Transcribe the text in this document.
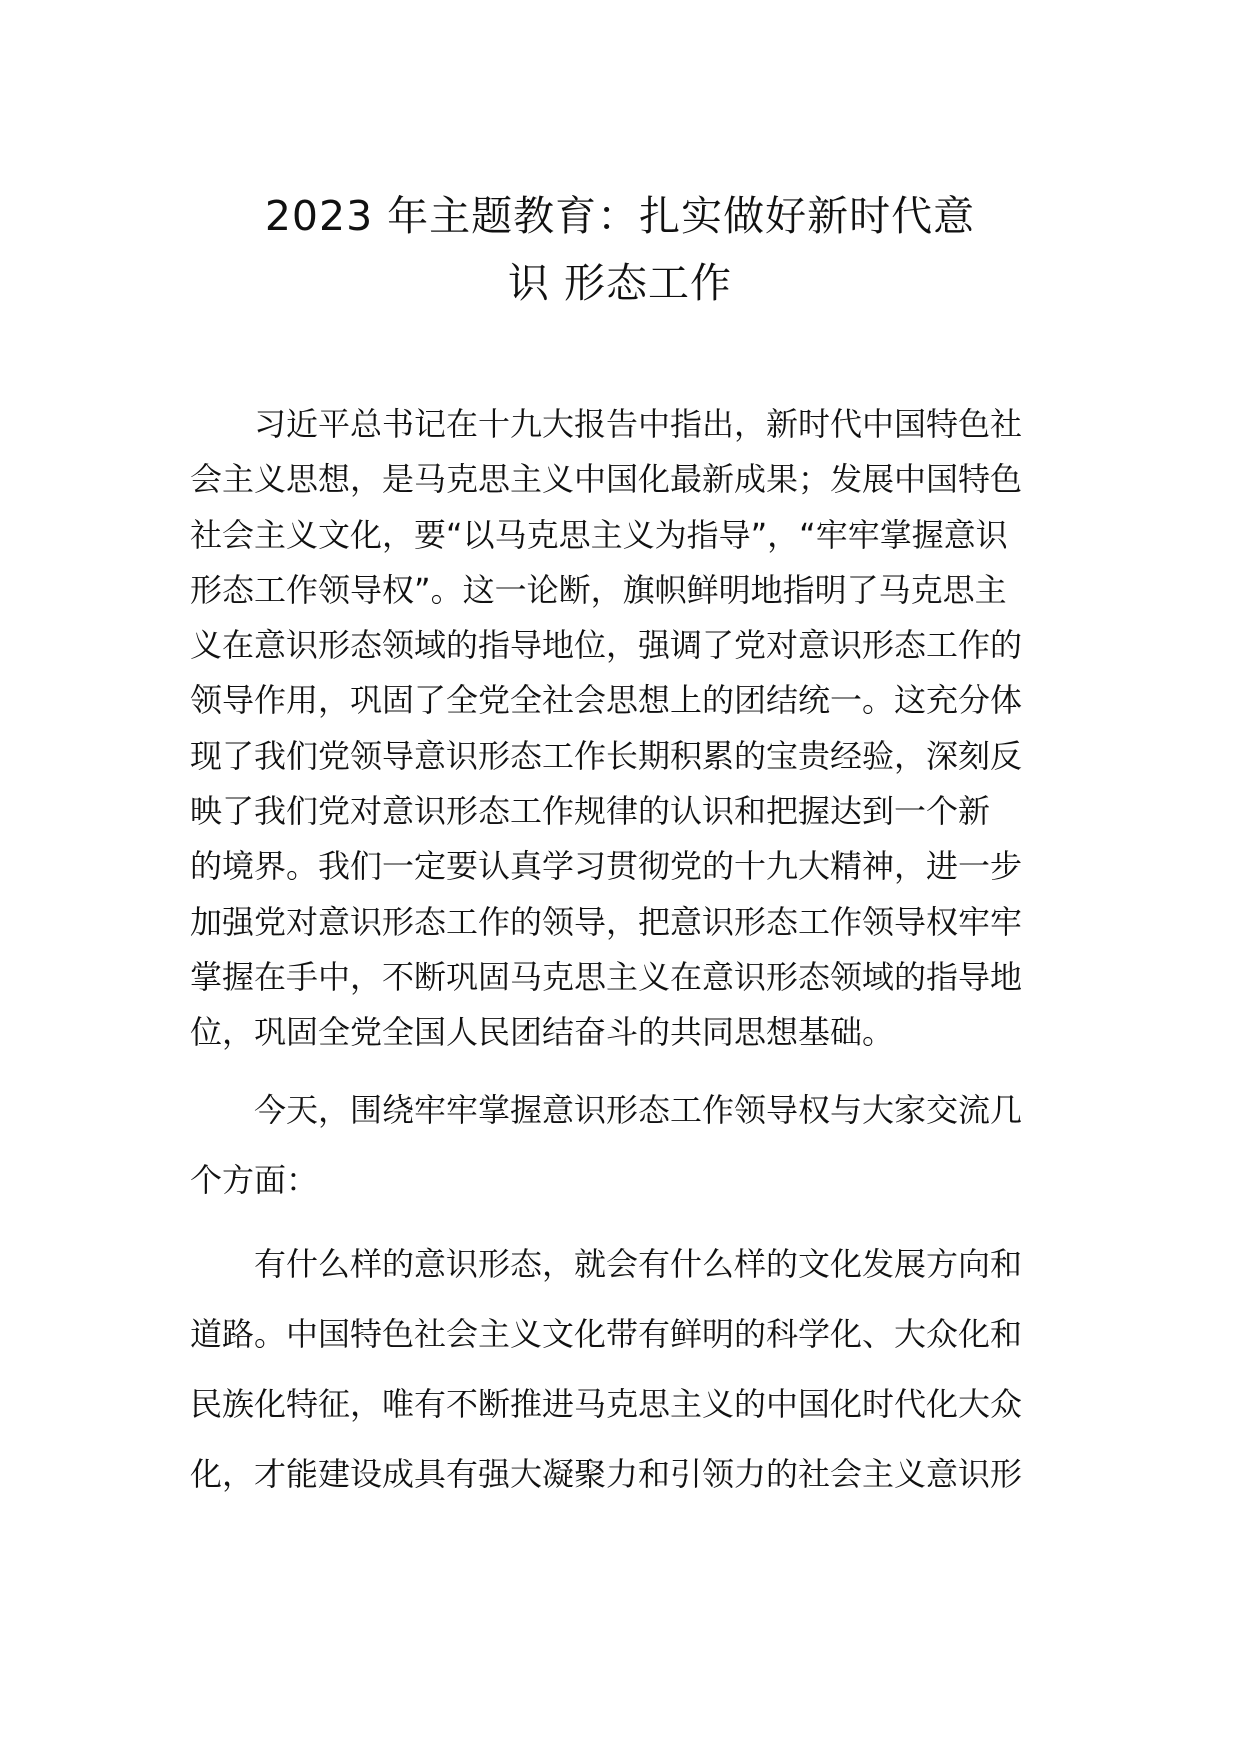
2023 年主题教育：扎实做好新时代意
识 形态工作
　　习近平总书记在十九大报告中指出，新时代中国特色社
会主义思想，是马克思主义中国化最新成果；发展中国特色
社会主义文化，要“以马克思主义为指导”，“牢牢掌握意识
形态工作领导权”。这一论断，旗帜鲜明地指明了马克思主
义在意识形态领域的指导地位，强调了党对意识形态工作的
领导作用，巩固了全党全社会思想上的团结统一。这充分体
现了我们党领导意识形态工作长期积累的宝贵经验，深刻反
映了我们党对意识形态工作规律的认识和把握达到一个新
的境界。我们一定要认真学习贯彻党的十九大精神，进一步
加强党对意识形态工作的领导，把意识形态工作领导权牢牢
掌握在手中，不断巩固马克思主义在意识形态领域的指导地
位，巩固全党全国人民团结奋斗的共同思想基础。
　　今天，围绕牢牢掌握意识形态工作领导权与大家交流几
个方面：
　　有什么样的意识形态，就会有什么样的文化发展方向和
道路。中国特色社会主义文化带有鲜明的科学化、大众化和
民族化特征，唯有不断推进马克思主义的中国化时代化大众
化，才能建设成具有强大凝聚力和引领力的社会主义意识形
